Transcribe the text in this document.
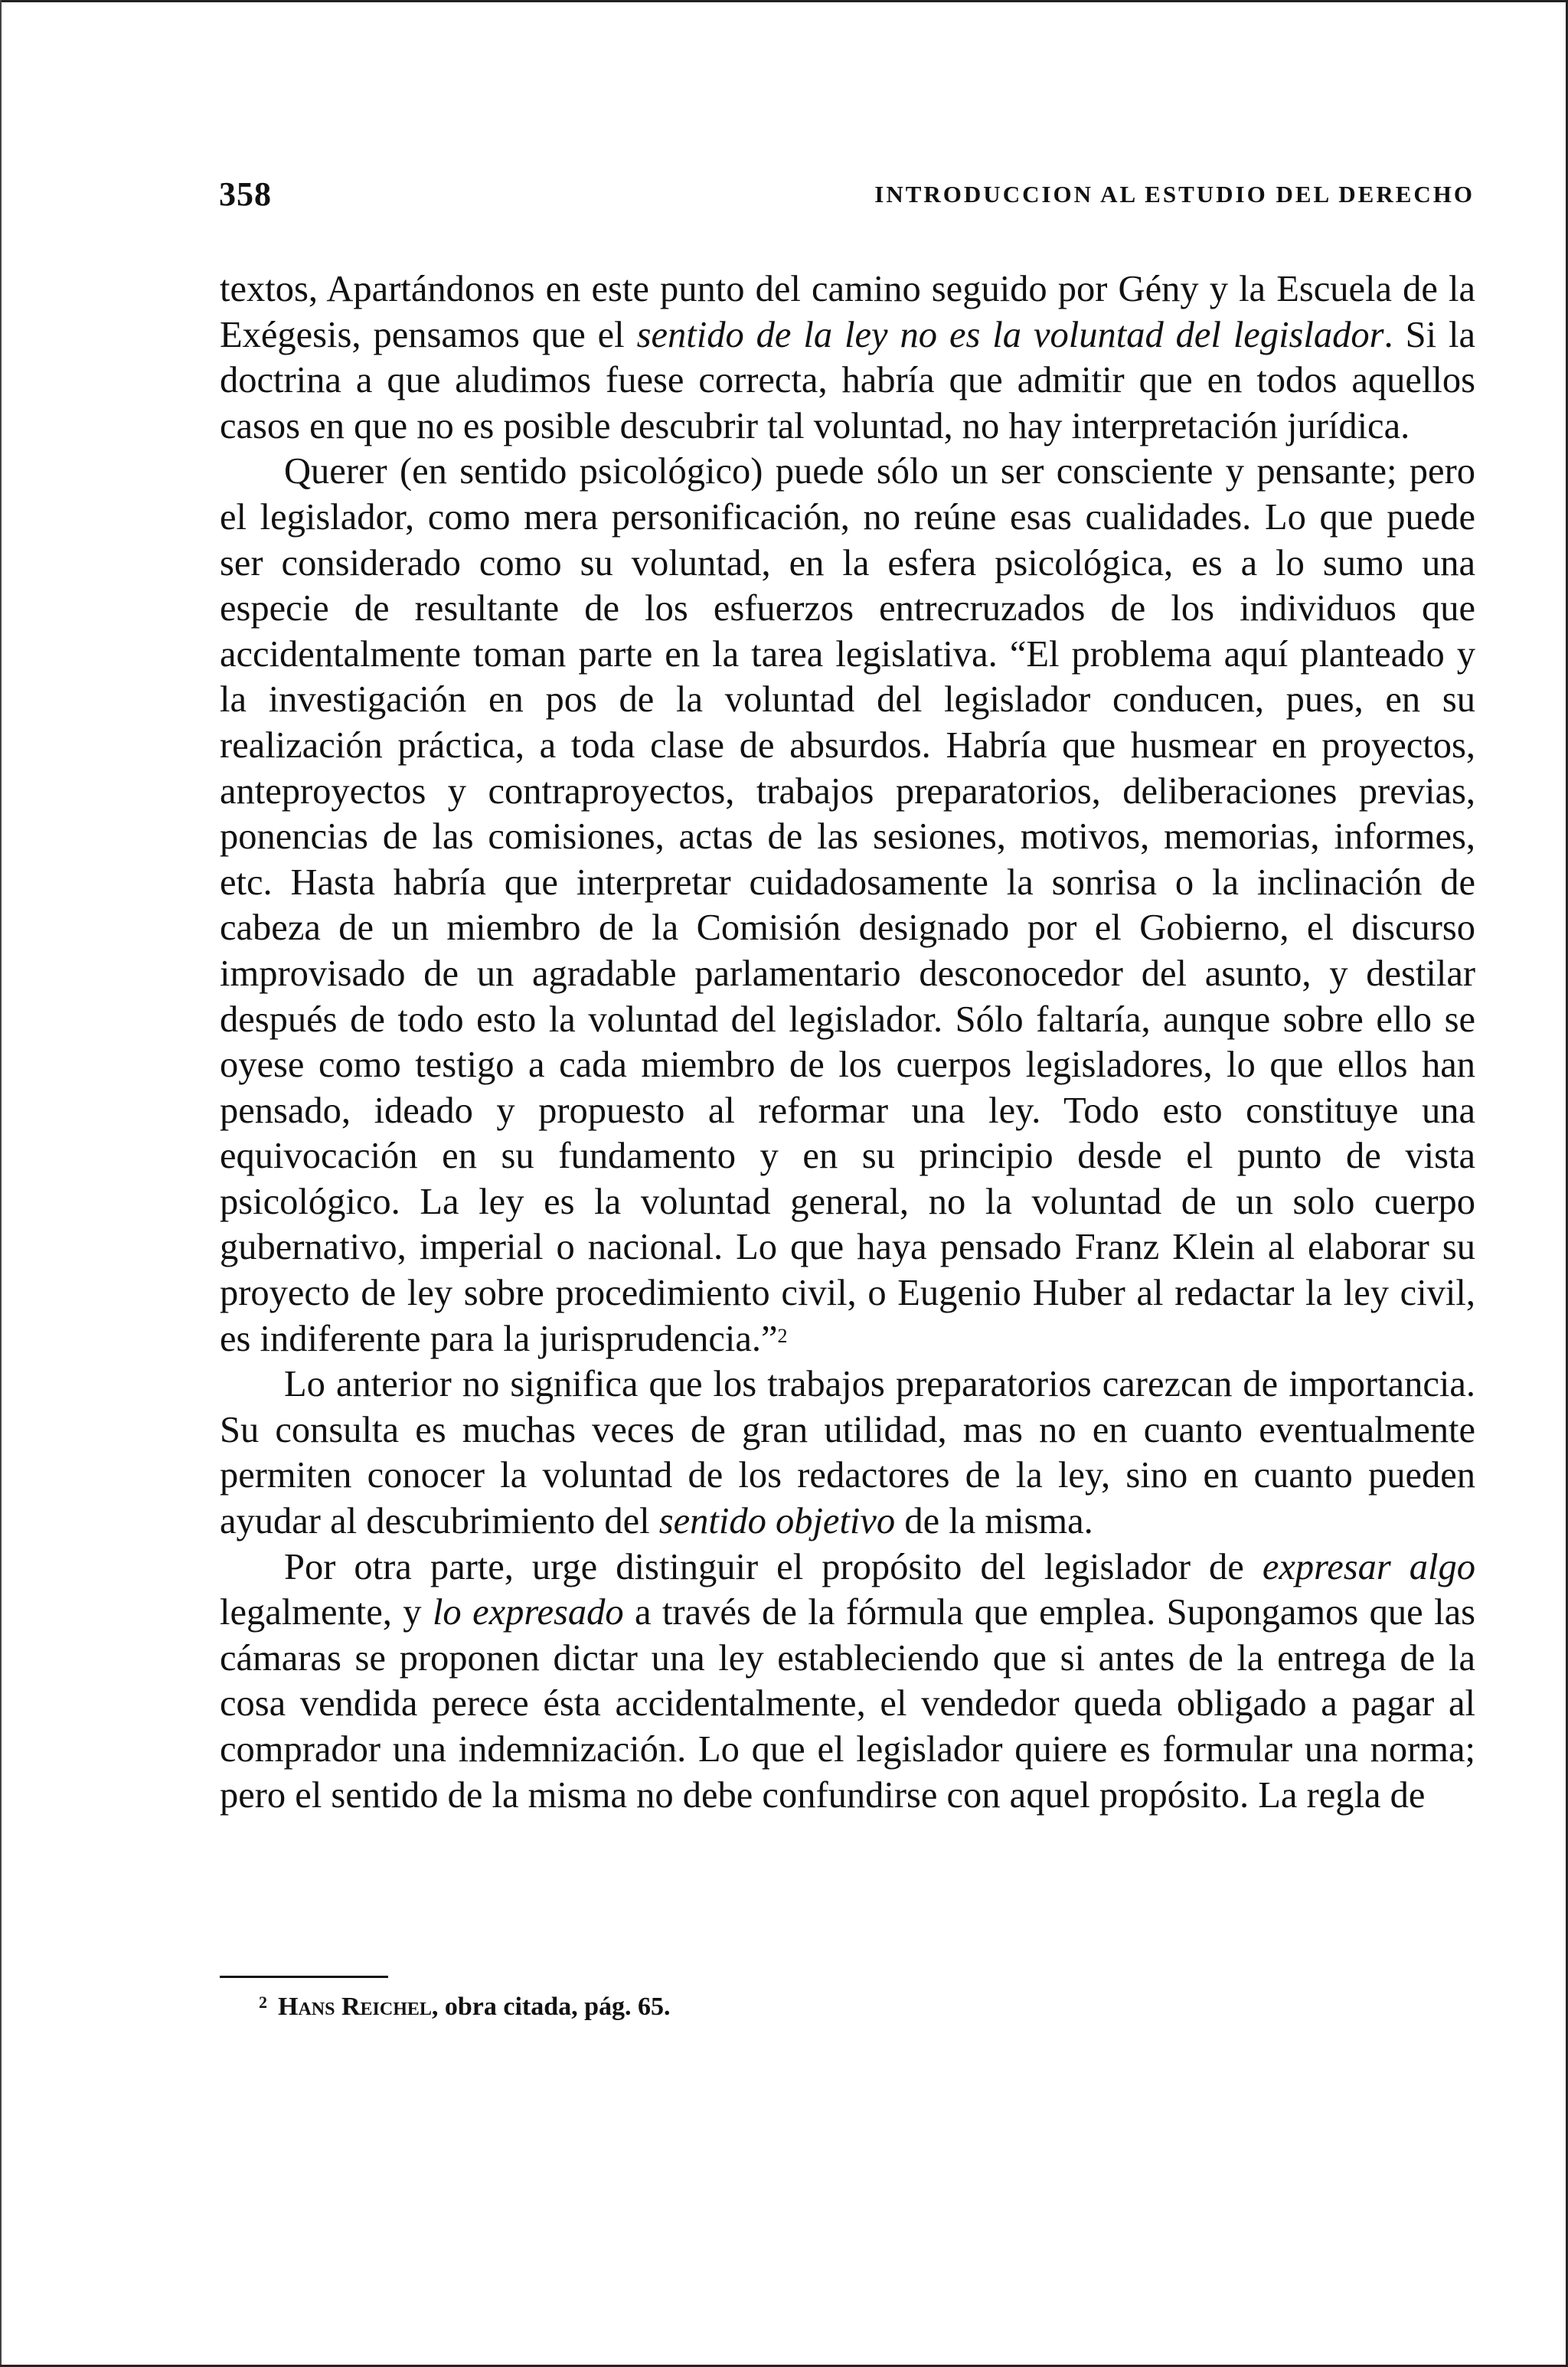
358	INTRODUCCION AL ESTUDIO DEL DERECHO

textos, Apartándonos en este punto del camino seguido por Gény y la Escuela de la Exégesis, pensamos que el sentido de la ley no es la voluntad del legislador. Si la doctrina a que aludimos fuese correcta, habría que admitir que en todos aquellos casos en que no es posible descubrir tal voluntad, no hay interpretación jurídica.

Querer (en sentido psicológico) puede sólo un ser consciente y pensante; pero el legislador, como mera personificación, no reúne esas cualidades. Lo que puede ser considerado como su voluntad, en la esfera psicológica, es a lo sumo una especie de resultante de los esfuerzos entrecruzados de los individuos que accidentalmente toman parte en la tarea legislativa. “El problema aquí planteado y la investigación en pos de la voluntad del legislador conducen, pues, en su realización práctica, a toda clase de absurdos. Habría que husmear en proyectos, anteproyectos y contraproyectos, trabajos preparatorios, deliberaciones previas, ponencias de las comisiones, actas de las sesiones, motivos, memorias, informes, etc. Hasta habría que interpretar cuidadosamente la sonrisa o la inclinación de cabeza de un miembro de la Comisión designado por el Gobierno, el discurso improvisado de un agradable parlamentario desconocedor del asunto, y destilar después de todo esto la voluntad del legislador. Sólo faltaría, aunque sobre ello se oyese como testigo a cada miembro de los cuerpos legisladores, lo que ellos han pensado, ideado y propuesto al reformar una ley. Todo esto constituye una equivocación en su fundamento y en su principio desde el punto de vista psicológico. La ley es la voluntad general, no la voluntad de un solo cuerpo gubernativo, imperial o nacional. Lo que haya pensado Franz Klein al elaborar su proyecto de ley sobre procedimiento civil, o Eugenio Huber al redactar la ley civil, es indiferente para la jurisprudencia.”$^2$

Lo anterior no significa que los trabajos preparatorios carezcan de importancia. Su consulta es muchas veces de gran utilidad, mas no en cuanto eventualmente permiten conocer la voluntad de los redactores de la ley, sino en cuanto pueden ayudar al descubrimiento del sentido objetivo de la misma.

Por otra parte, urge distinguir el propósito del legislador de expresar algo legalmente, y lo expresado a través de la fórmula que emplea. Supongamos que las cámaras se proponen dictar una ley estableciendo que si antes de la entrega de la cosa vendida perece ésta accidentalmente, el vendedor queda obligado a pagar al comprador una indemnización. Lo que el legislador quiere es formular una norma; pero el sentido de la misma no debe confundirse con aquel propósito. La regla de

$^2$ Hans Reichel, obra citada, pág. 65.
